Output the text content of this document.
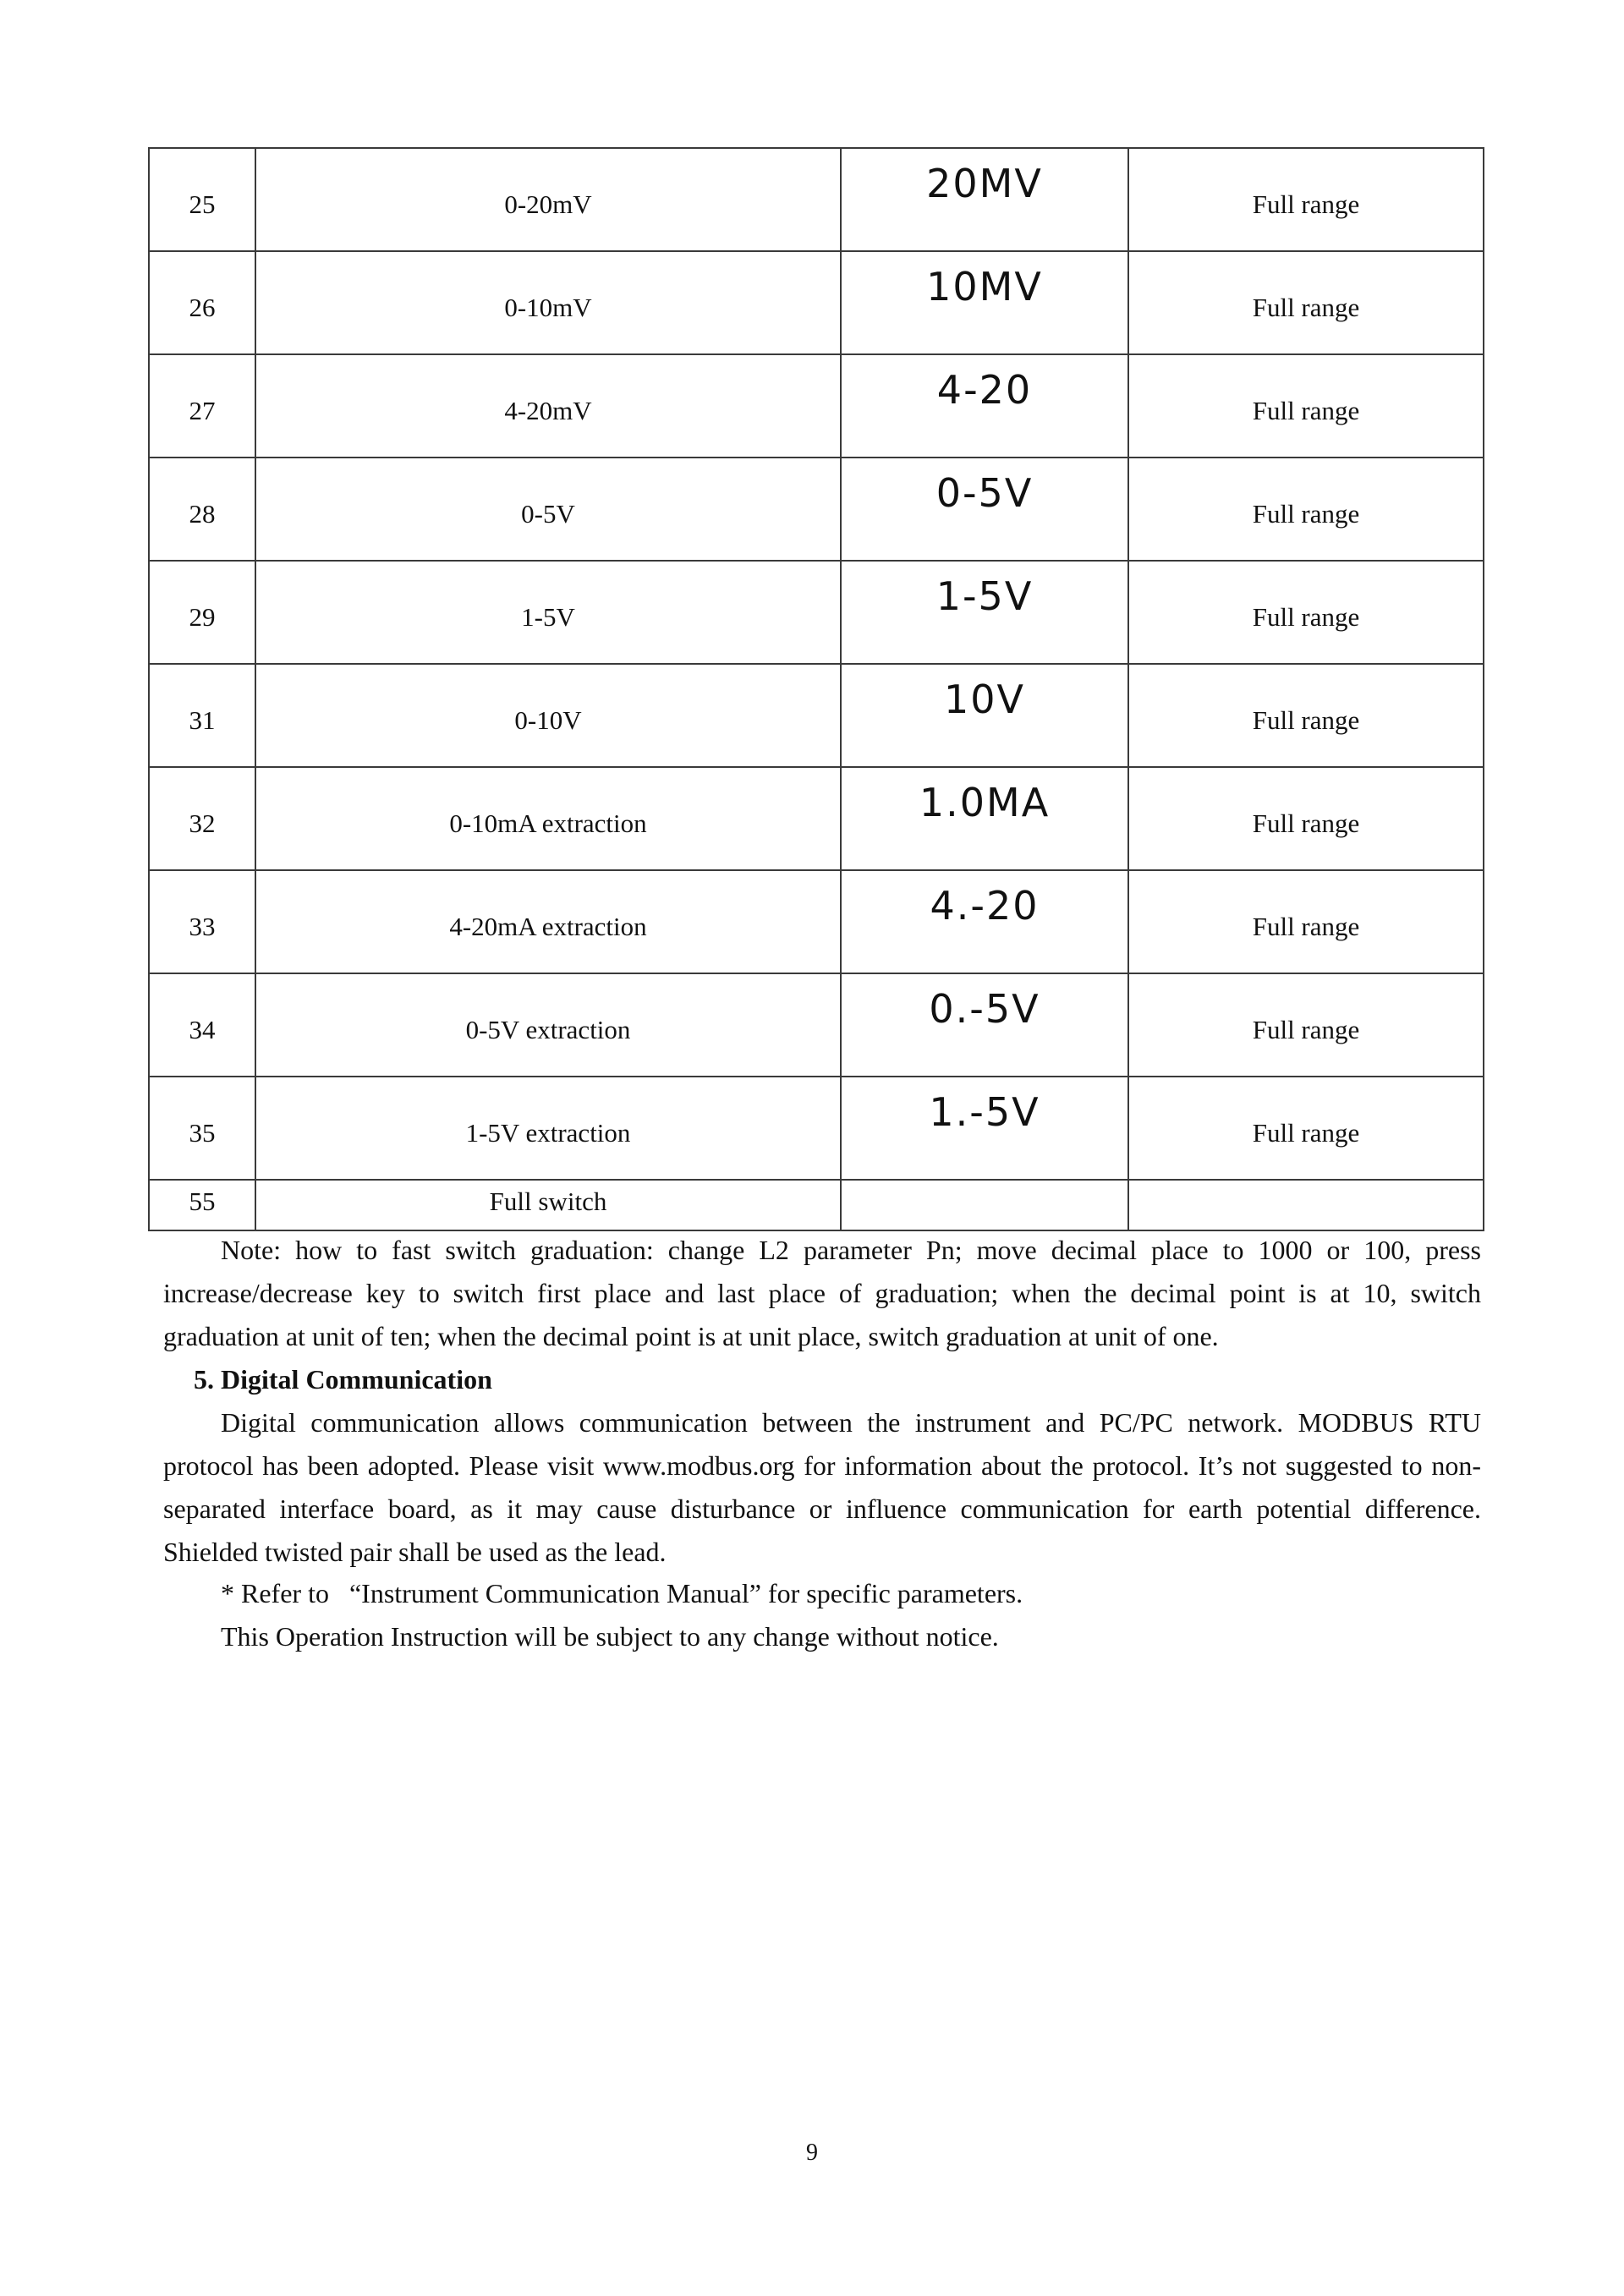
25	0-20mV	20MV	Full range
26	0-10mV	10MV	Full range
27	4-20mV	4-20	Full range
28	0-5V	0-5V	Full range
29	1-5V	1-5V	Full range
31	0-10V	10V	Full range
32	0-10mA extraction	1.0MA	Full range
33	4-20mA extraction	4.-20	Full range
34	0-5V extraction	0.-5V	Full range
35	1-5V extraction	1.-5V	Full range
55	Full switch		

Note: how to fast switch graduation: change L2 parameter Pn; move decimal place to 1000 or 100, press increase/decrease key to switch first place and last place of graduation; when the decimal point is at 10, switch graduation at unit of ten; when the decimal point is at unit place, switch graduation at unit of one.

5. Digital Communication

Digital communication allows communication between the instrument and PC/PC network. MODBUS RTU protocol has been adopted. Please visit www.modbus.org for information about the protocol. It’s not suggested to non-separated interface board, as it may cause disturbance or influence communication for earth potential difference. Shielded twisted pair shall be used as the lead.

* Refer to   “Instrument Communication Manual” for specific parameters.

This Operation Instruction will be subject to any change without notice.

9
